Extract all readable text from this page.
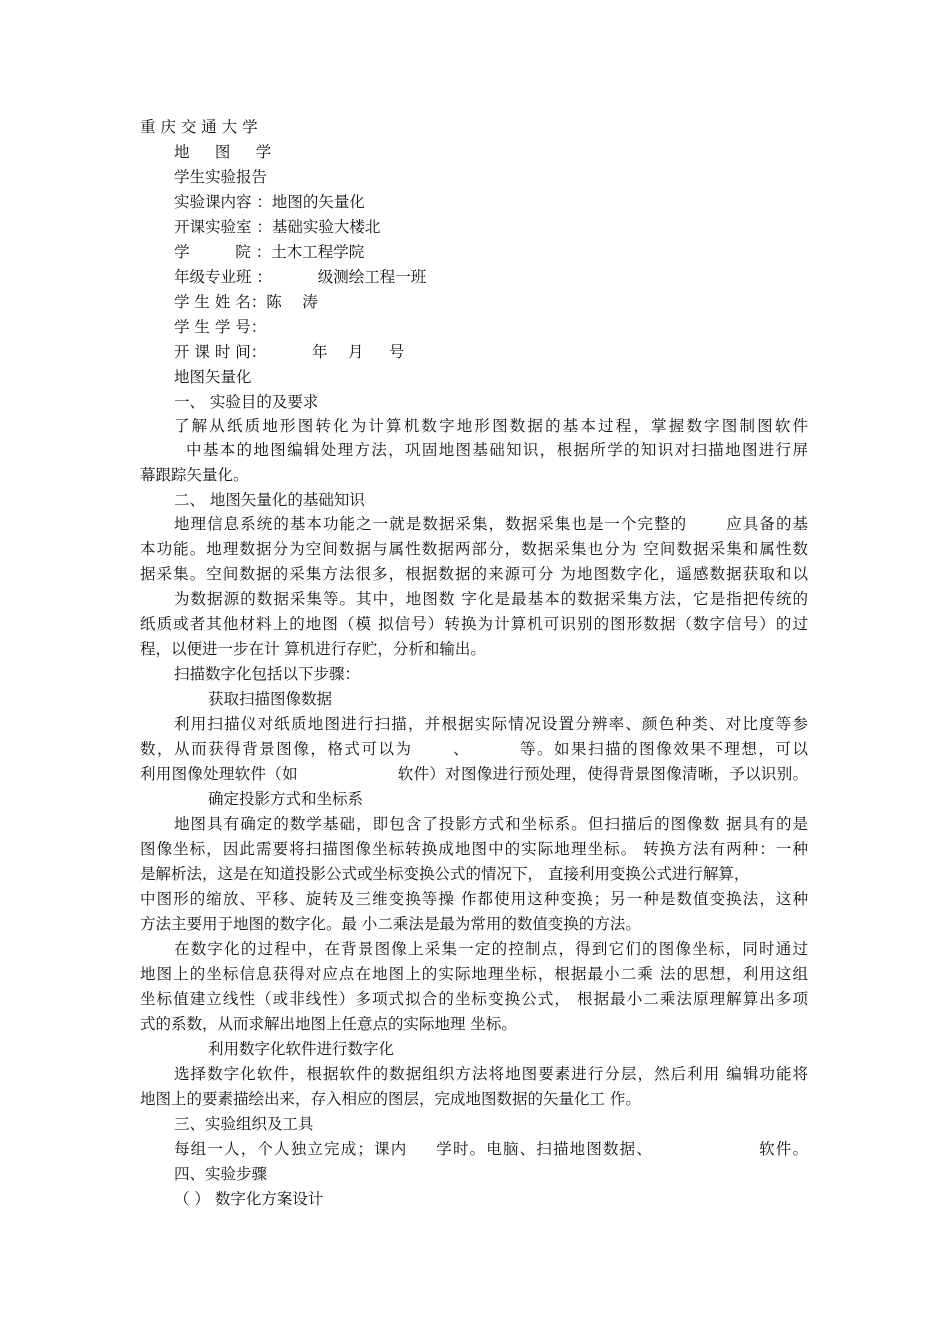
重 庆 交 通 大 学
地 　 图 　 学
学生实验报告
实验课内容 ：地图的矢量化
开课实验室 ：基础实验大楼北
学 　 　 院 ：土木工程学院
年级专业班 ： 　 　 级测绘工程一班
学 生 姓 名：陈 　涛
学 生 学 号：
开 课 时 间： 　 　 年 　月 　 号
地图矢量化
一、 实验目的及要求
了解从纸质地形图转化为计算机数字地形图数据的基本过程，掌握数字图制图软件
中基本的地图编辑处理方法，巩固地图基础知识，根据所学的知识对扫描地图进行屏
幕跟踪矢量化。
二、 地图矢量化的基础知识
地理信息系统的基本功能之一就是数据采集，数据采集也是一个完整的 　　应具备的基
本功能。地理数据分为空间数据与属性数据两部分，数据采集也分为 空间数据采集和属性数
据采集。空间数据的采集方法很多，根据数据的来源可分 为地图数字化，遥感数据获取和以
为数据源的数据采集等。其中，地图数 字化是最基本的数据采集方法，它是指把传统的
纸质或者其他材料上的地图（模 拟信号）转换为计算机可识别的图形数据（数字信号）的过
程，以便进一步在计 算机进行存贮，分析和输出。
扫描数字化包括以下步骤：
获取扫描图像数据
利用扫描仪对纸质地图进行扫描，并根据实际情况设置分辨率、颜色种类、对比度等参
数，从而获得背景图像，格式可以为 　　、　 　　等。如果扫描的图像效果不理想，可以
利用图像处理软件（如 　　　　　　软件）对图像进行预处理，使得背景图像清晰，予以识别。
确定投影方式和坐标系
地图具有确定的数学基础，即包含了投影方式和坐标系。但扫描后的图像数 据具有的是
图像坐标，因此需要将扫描图像坐标转换成地图中的实际地理坐标。 转换方法有两种：一种
是解析法，这是在知道投影公式或坐标变换公式的情况下， 直接利用变换公式进行解算，
中图形的缩放、平移、旋转及三维变换等操 作都使用这种变换；另一种是数值变换法，这种
方法主要用于地图的数字化。最 小二乘法是最为常用的数值变换的方法。
在数字化的过程中，在背景图像上采集一定的控制点，得到它们的图像坐标，同时通过
地图上的坐标信息获得对应点在地图上的实际地理坐标，根据最小二乘 法的思想，利用这组
坐标值建立线性（或非线性）多项式拟合的坐标变换公式， 根据最小二乘法原理解算出多项
式的系数，从而求解出地图上任意点的实际地理 坐标。
利用数字化软件进行数字化
选择数字化软件，根据软件的数据组织方法将地图要素进行分层，然后利用 编辑功能将
地图上的要素描绘出来，存入相应的图层，完成地图数据的矢量化工 作。
三、实验组织及工具
每组一人，个人独立完成；课内 　 学时。电脑、扫描地图数据、 　　　　　　软件。
四、实验步骤
（ ） 数字化方案设计
